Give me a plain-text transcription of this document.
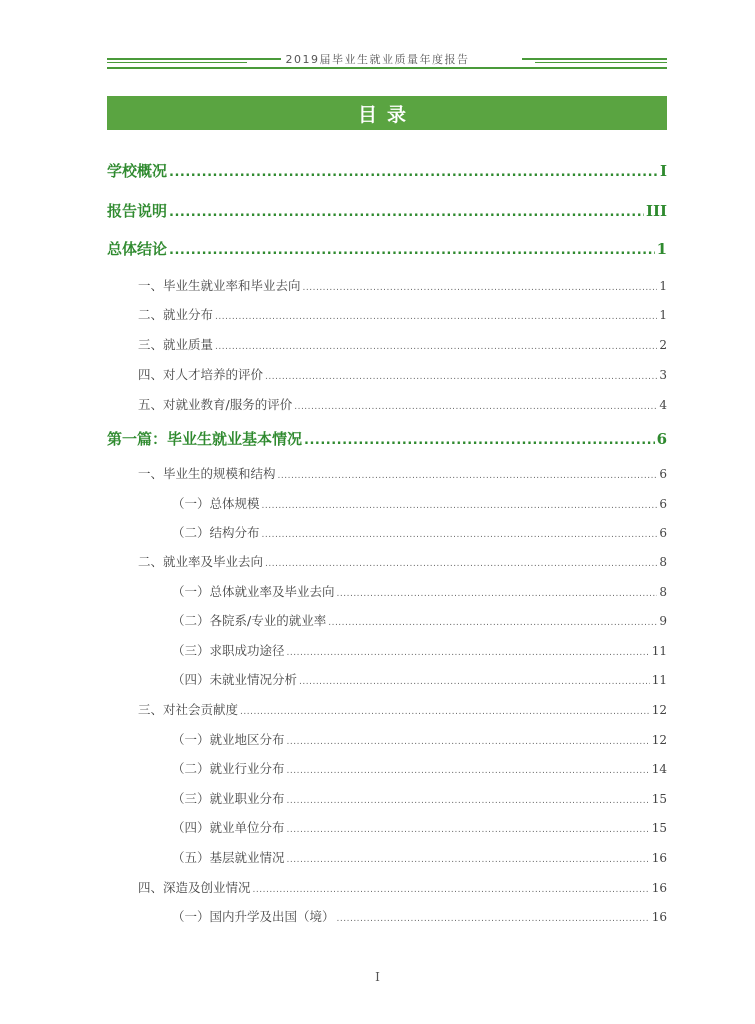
2019届毕业生就业质量年度报告
目录
学校概况 .....	I
报告说明 .....	III
总体结论 .....	1
一、毕业生就业率和毕业去向 .....	1
二、就业分布 .....	1
三、就业质量 .....	2
四、对人才培养的评价 .....	3
五、对就业教育/服务的评价 .....	4
第一篇：毕业生就业基本情况 .....	6
一、毕业生的规模和结构 .....	6
（一）总体规模 .....	6
（二）结构分布 .....	6
二、就业率及毕业去向 .....	8
（一）总体就业率及毕业去向 .....	8
（二）各院系/专业的就业率 .....	9
（三）求职成功途径 .....	11
（四）未就业情况分析 .....	11
三、对社会贡献度 .....	12
（一）就业地区分布 .....	12
（二）就业行业分布 .....	14
（三）就业职业分布 .....	15
（四）就业单位分布 .....	15
（五）基层就业情况 .....	16
四、深造及创业情况 .....	16
（一）国内升学及出国（境） .....	16
I
